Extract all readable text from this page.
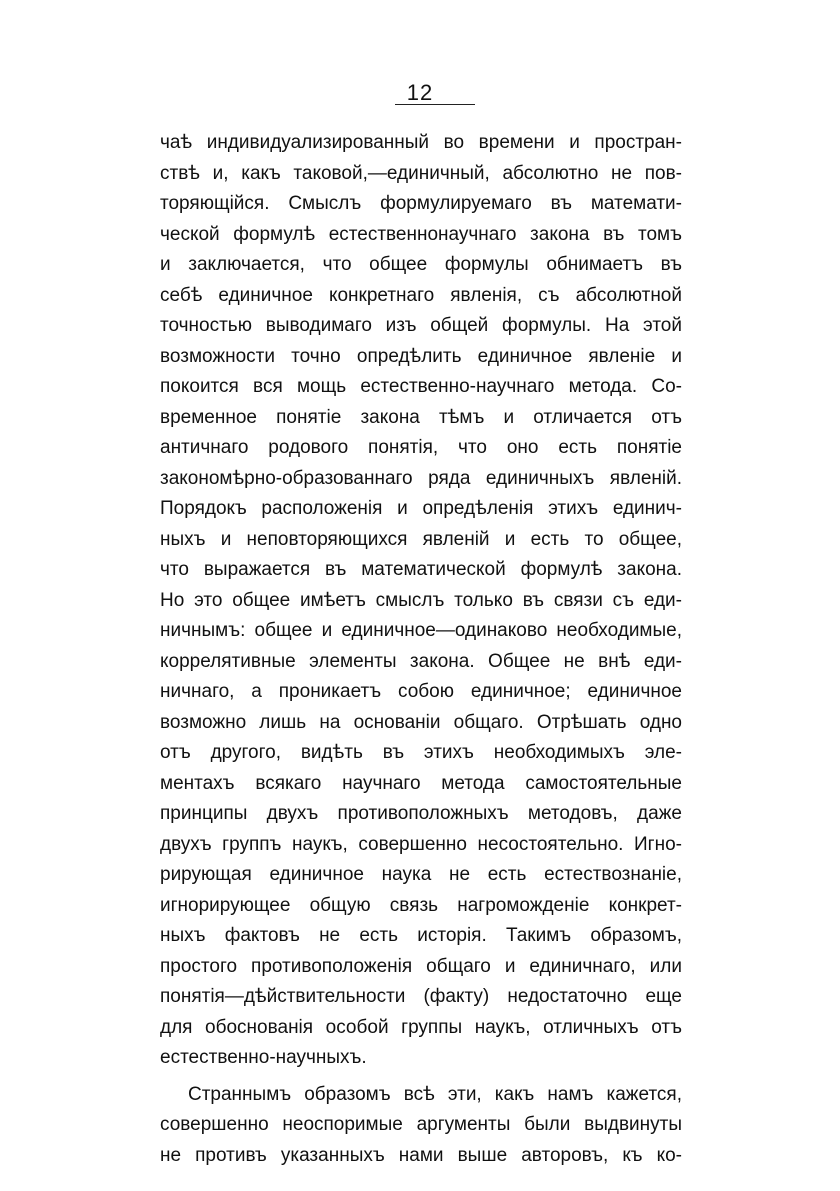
12
чаѣ индивидуализированный во времени и простран-
ствѣ и, какъ таковой,—единичный, абсолютно не пов-
торяющійся. Смыслъ формулируемаго въ математи-
ческой формулѣ естественнонаучнаго закона въ томъ
и заключается, что общее формулы обнимаетъ въ
себѣ единичное конкретнаго явленія, съ абсолютной
точностью выводимаго изъ общей формулы. На этой
возможности точно опредѣлить единичное явленіе и
покоится вся мощь естественно-научнаго метода. Со-
временное понятіе закона тѣмъ и отличается отъ
античнаго родового понятія, что оно есть понятіе
закономѣрно-образованнаго ряда единичныхъ явленій.
Порядокъ расположенія и опредѣленія этихъ единич-
ныхъ и неповторяющихся явленій и есть то общее,
что выражается въ математической формулѣ закона.
Но это общее имѣетъ смыслъ только въ связи съ еди-
ничнымъ: общее и единичное—одинаково необходимые,
коррелятивные элементы закона. Общее не внѣ еди-
ничнаго, а проникаетъ собою единичное; единичное
возможно лишь на основаніи общаго. Отрѣшать одно
отъ другого, видѣть въ этихъ необходимыхъ эле-
ментахъ всякаго научнаго метода самостоятельные
принципы двухъ противоположныхъ методовъ, даже
двухъ группъ наукъ, совершенно несостоятельно. Игно-
рирующая единичное наука не есть естествознаніе,
игнорирующее общую связь нагроможденіе конкрет-
ныхъ фактовъ не есть исторія. Такимъ образомъ,
простого противоположенія общаго и единичнаго, или
понятія—дѣйствительности (факту) недостаточно еще
для обоснованія особой группы наукъ, отличныхъ отъ
естественно-научныхъ.
Страннымъ образомъ всѣ эти, какъ намъ кажется,
совершенно неоспоримые аргументы были выдвинуты
не противъ указанныхъ нами выше авторовъ, къ ко-
